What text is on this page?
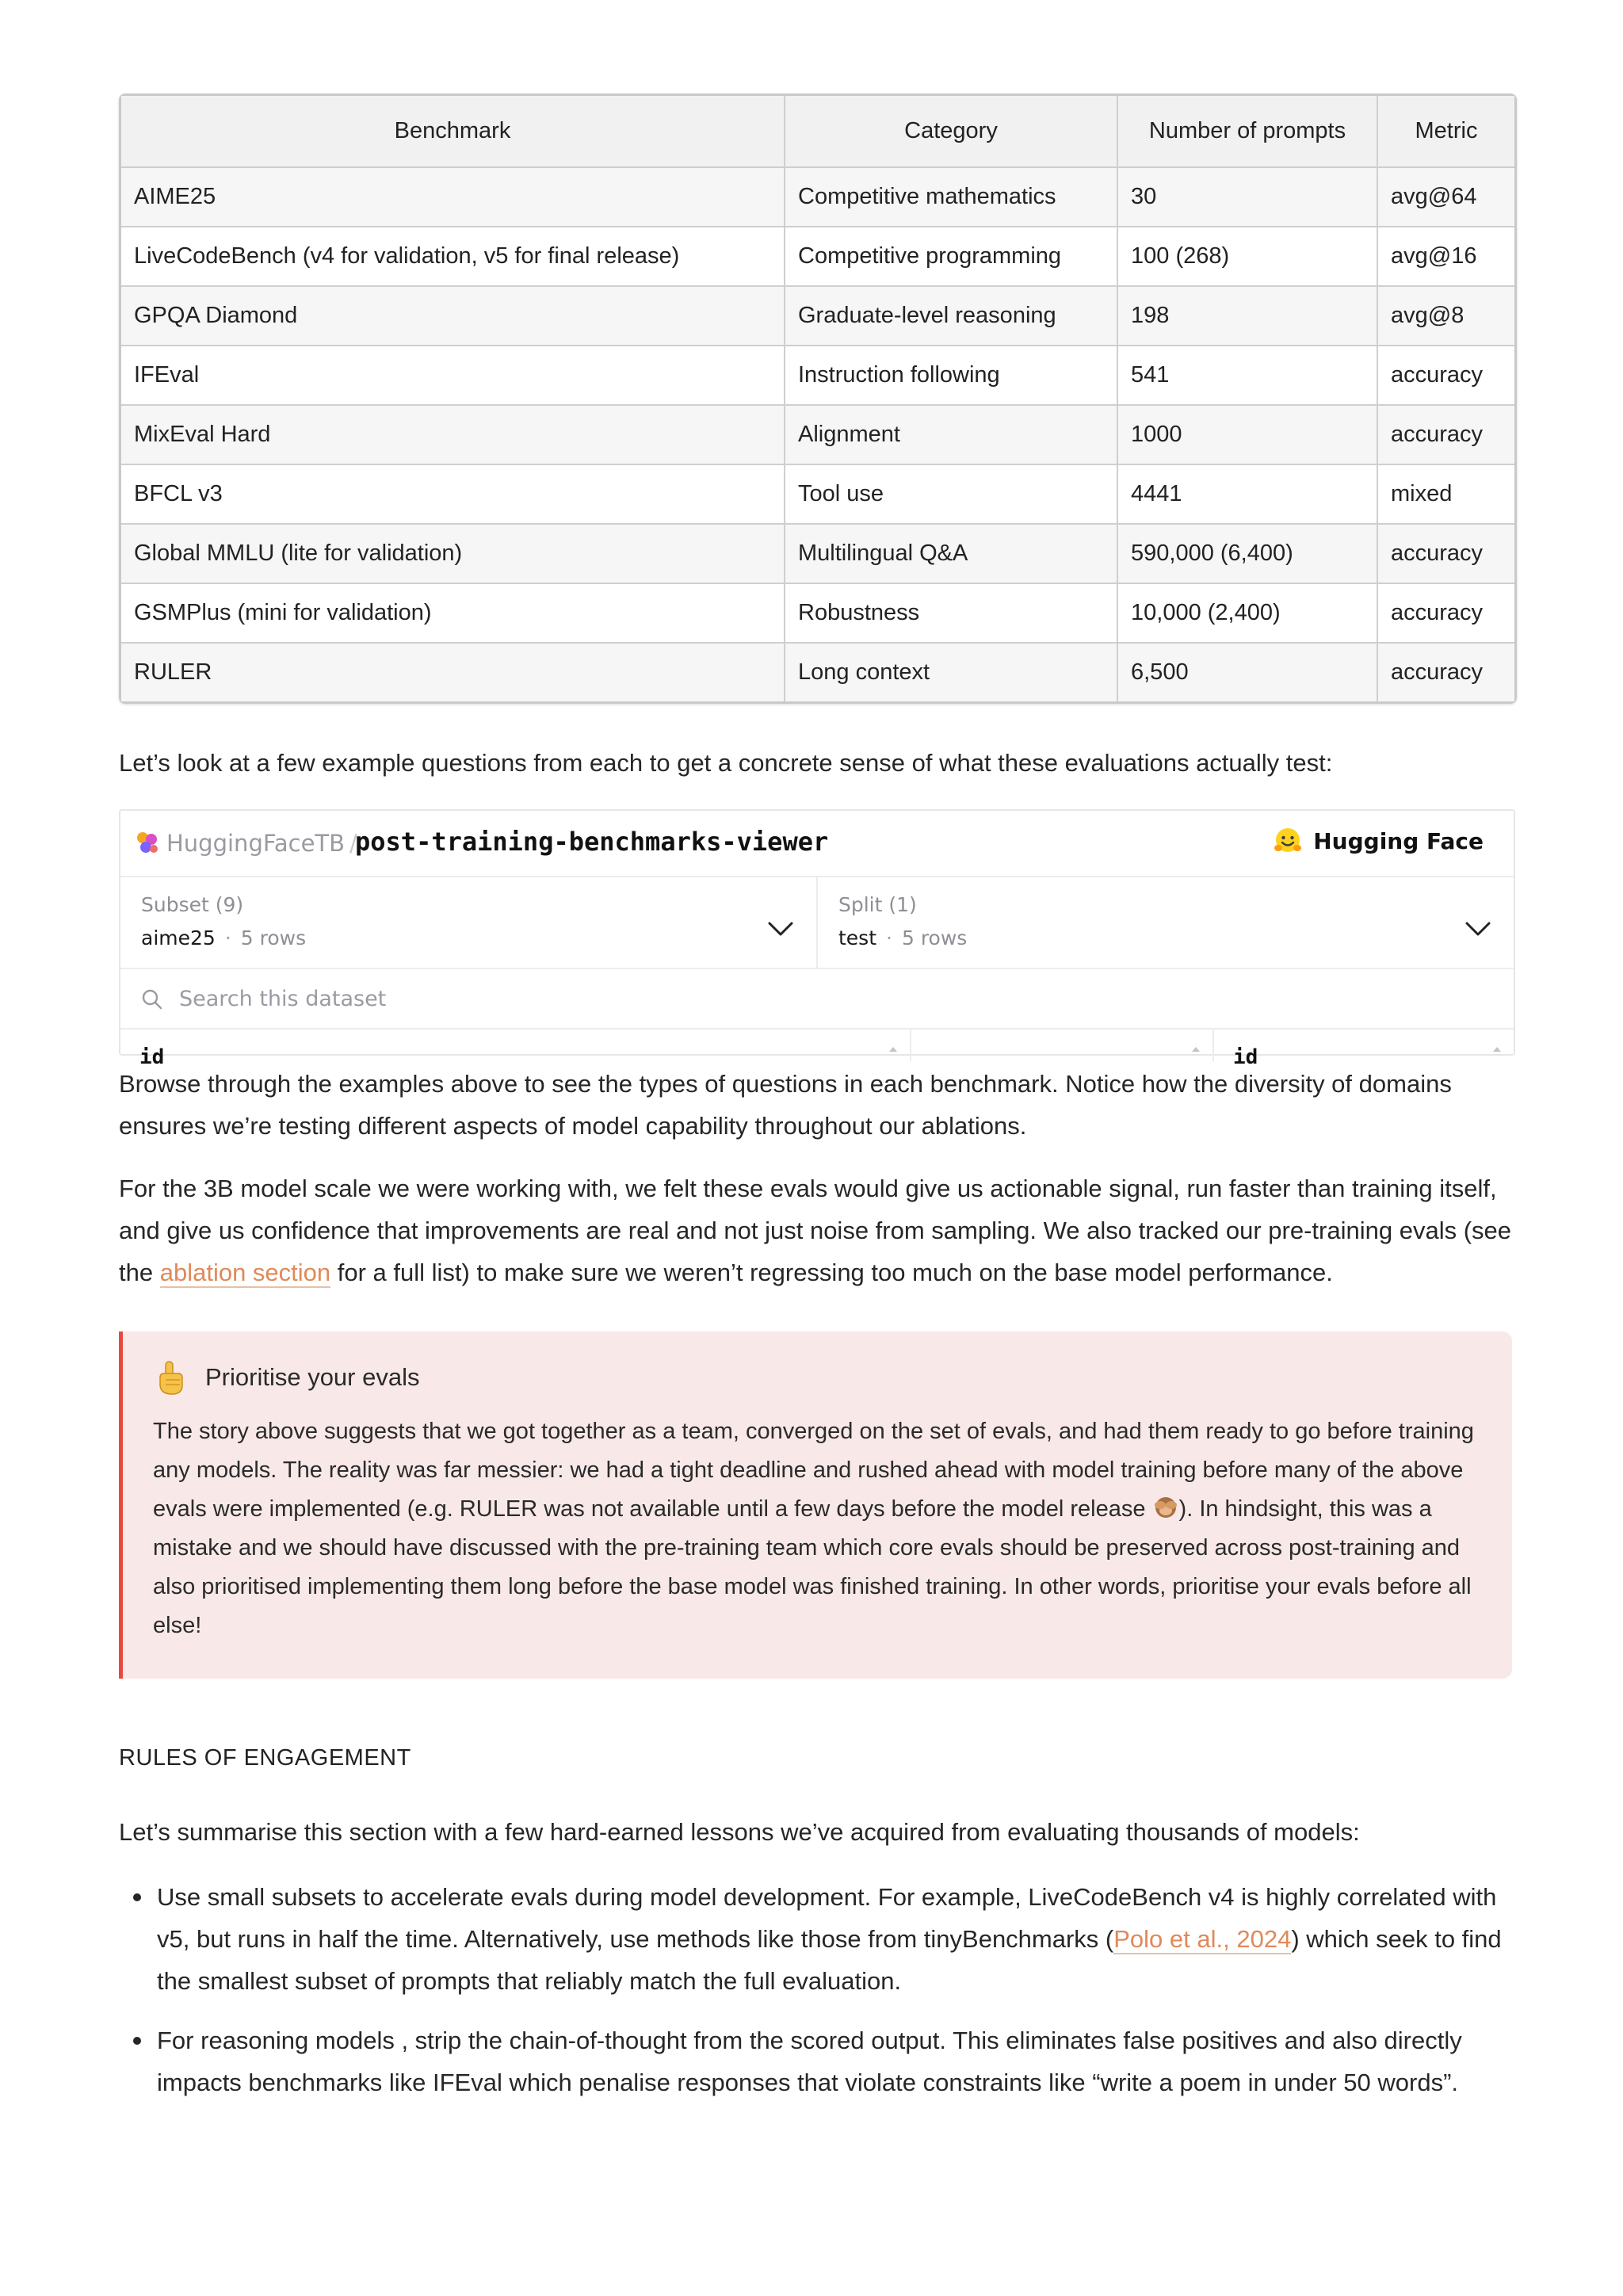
Benchmark	Category	Number of prompts	Metric
AIME25	Competitive mathematics	30	avg@64
LiveCodeBench (v4 for validation, v5 for final release)	Competitive programming	100 (268)	avg@16
GPQA Diamond	Graduate-level reasoning	198	avg@8
IFEval	Instruction following	541	accuracy
MixEval Hard	Alignment	1000	accuracy
BFCL v3	Tool use	4441	mixed
Global MMLU (lite for validation)	Multilingual Q&A	590,000 (6,400)	accuracy
GSMPlus (mini for validation)	Robustness	10,000 (2,400)	accuracy
RULER	Long context	6,500	accuracy

Let’s look at a few example questions from each to get a concrete sense of what these evaluations actually test:

HuggingFaceTB /
post-training-benchmarks-viewer	Hugging Face
Subset (9)
aime25 · 5 rows
Split (1)
test · 5 rows
Search this dataset
id	id

Browse through the examples above to see the types of questions in each benchmark. Notice how the diversity of domains ensures we’re testing different aspects of model capability throughout our ablations.

For the 3B model scale we were working with, we felt these evals would give us actionable signal, run faster than training itself, and give us confidence that improvements are real and not just noise from sampling. We also tracked our pre-training evals (see the ablation section for a full list) to make sure we weren’t regressing too much on the base model performance.

Prioritise your evals

The story above suggests that we got together as a team, converged on the set of evals, and had them ready to go before training any models. The reality was far messier: we had a tight deadline and rushed ahead with model training before many of the above evals were implemented (e.g. RULER was not available until a few days before the model release ). In hindsight, this was a mistake and we should have discussed with the pre-training team which core evals should be preserved across post-training and also prioritised implementing them long before the base model was finished training. In other words, prioritise your evals before all else!

RULES OF ENGAGEMENT

Let’s summarise this section with a few hard-earned lessons we’ve acquired from evaluating thousands of models:

Use small subsets to accelerate evals during model development. For example, LiveCodeBench v4 is highly correlated with v5, but runs in half the time. Alternatively, use methods like those from tinyBenchmarks (Polo et al., 2024) which seek to find the smallest subset of prompts that reliably match the full evaluation.
For reasoning models , strip the chain-of-thought from the scored output. This eliminates false positives and also directly impacts benchmarks like IFEval which penalise responses that violate constraints like “write a poem in under 50 words”.
